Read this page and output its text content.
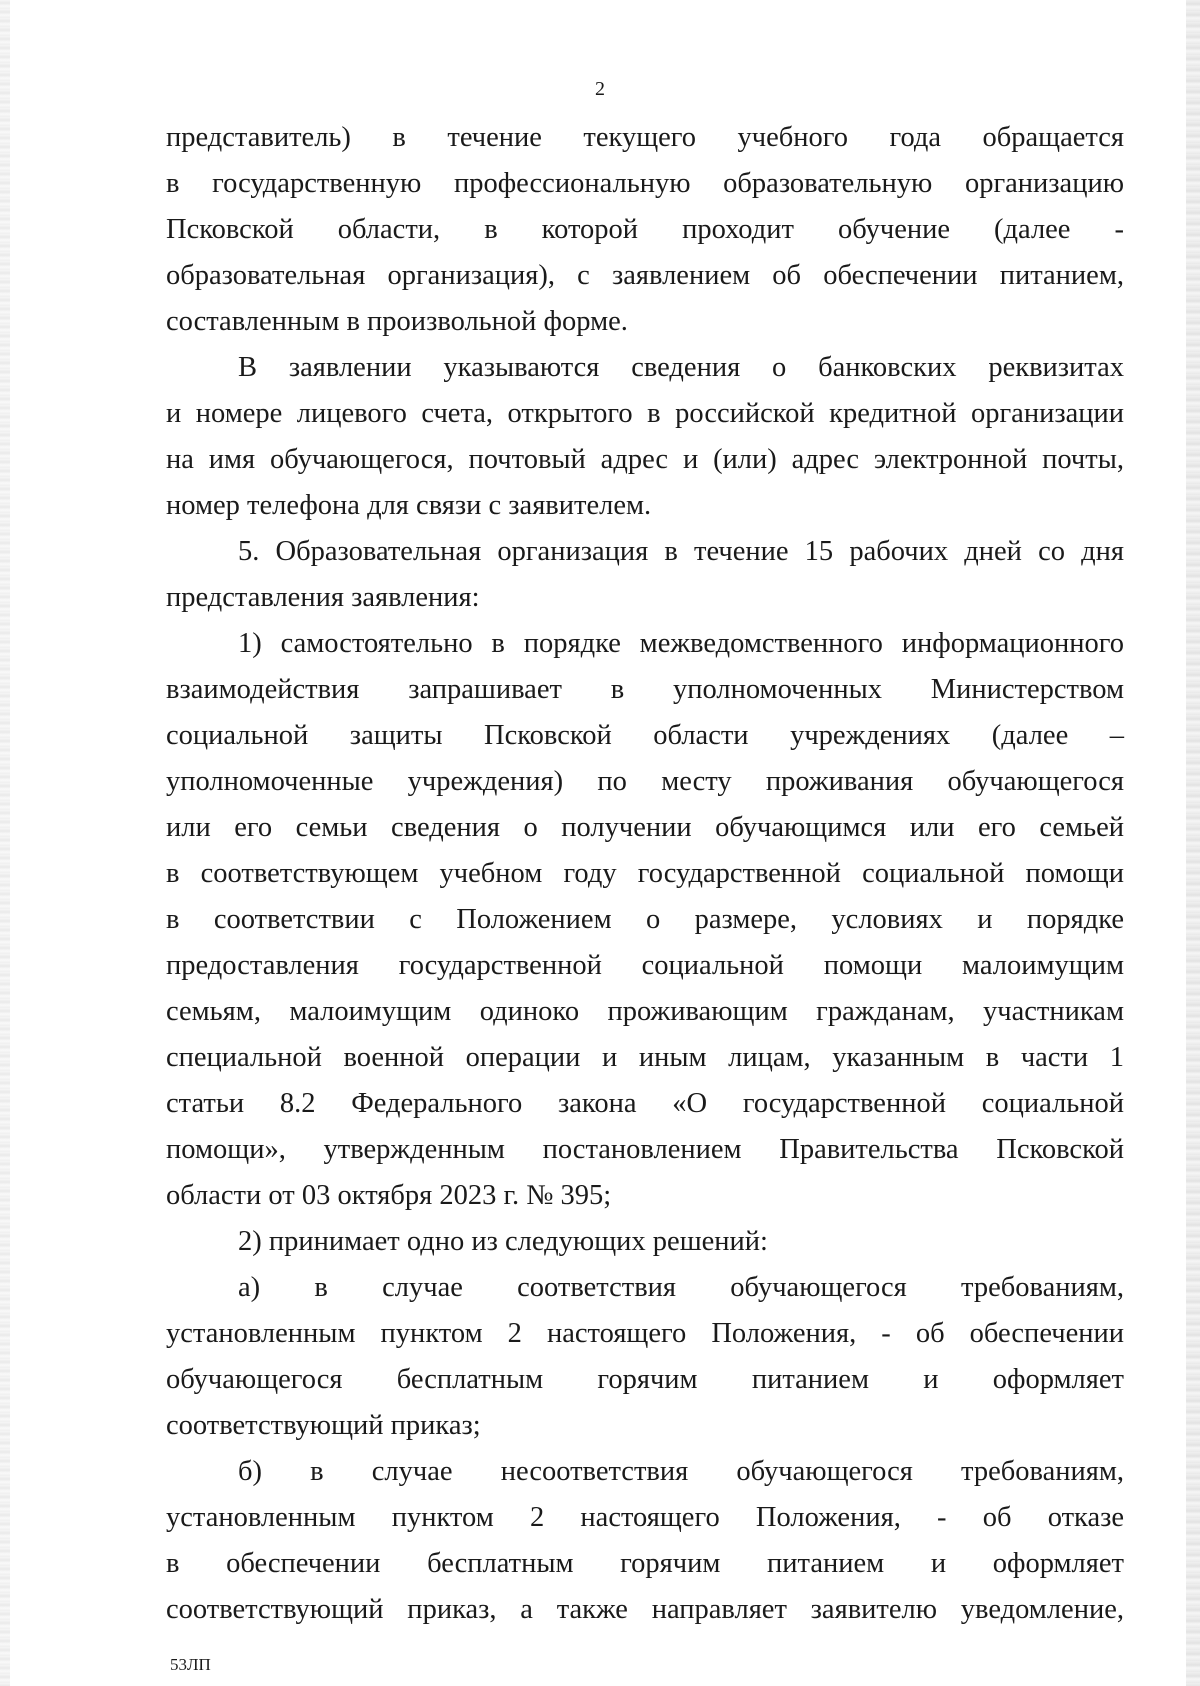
2
представитель) в течение текущего учебного года обращается
в государственную профессиональную образовательную организацию
Псковской области, в которой проходит обучение (далее -
образовательная организация), с заявлением об обеспечении питанием,
составленным в произвольной форме.
В заявлении указываются сведения о банковских реквизитах
и номере лицевого счета, открытого в российской кредитной организации
на имя обучающегося, почтовый адрес и (или) адрес электронной почты,
номер телефона для связи с заявителем.
5. Образовательная организация в течение 15 рабочих дней со дня
представления заявления:
1) самостоятельно в порядке межведомственного информационного
взаимодействия запрашивает в уполномоченных Министерством
социальной защиты Псковской области учреждениях (далее –
уполномоченные учреждения) по месту проживания обучающегося
или его семьи сведения о получении обучающимся или его семьей
в соответствующем учебном году государственной социальной помощи
в соответствии с Положением о размере, условиях и порядке
предоставления государственной социальной помощи малоимущим
семьям, малоимущим одиноко проживающим гражданам, участникам
специальной военной операции и иным лицам, указанным в части 1
статьи 8.2 Федерального закона «О государственной социальной
помощи», утвержденным постановлением Правительства Псковской
области от 03 октября 2023 г. № 395;
2) принимает одно из следующих решений:
а) в случае соответствия обучающегося требованиям,
установленным пунктом 2 настоящего Положения, - об обеспечении
обучающегося бесплатным горячим питанием и оформляет
соответствующий приказ;
б) в случае несоответствия обучающегося требованиям,
установленным пунктом 2 настоящего Положения, - об отказе
в обеспечении бесплатным горячим питанием и оформляет
соответствующий приказ, а также направляет заявителю уведомление,
53ЛП
